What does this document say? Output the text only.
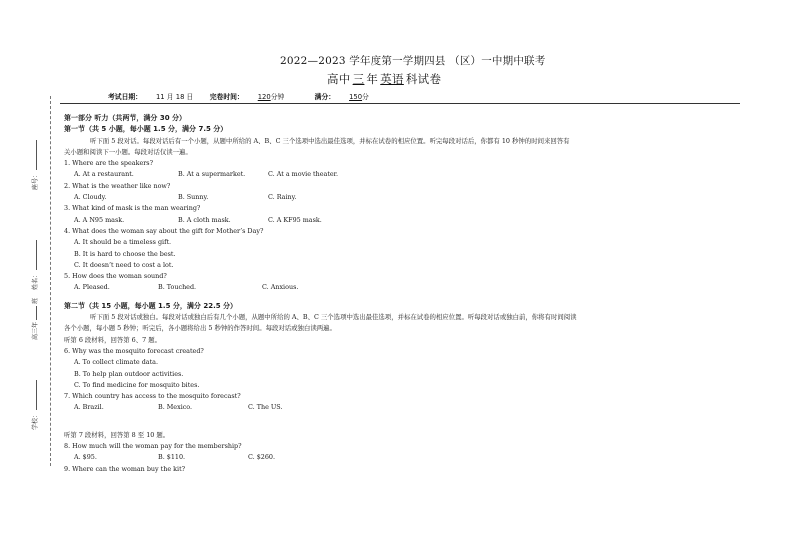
座号：
姓名：
高三年班
学校：
2022—2023 学年度第一学期四县 （区）一中期中联考
高中 三 年 英语 科试卷
考试日期： 11 月 18 日 完卷时间： 120分钟	满分： 150分
第一部分 听力（共两节，满分 30 分）
第一节（共 5 小题，每小题 1.5 分，满分 7.5 分）
听下面 5 段对话。每段对话后有一个小题，从题中所给的 A、B、C 三个选项中选出最佳选项，并标在试卷的相应位置。听完每段对话后，你都有 10 秒钟的时间来回答有
关小题和阅读下一小题。每段对话仅读一遍。
1. Where are the speakers?
A. At a restaurant.	B. At a supermarket.	C. At a movie theater.
2. What is the weather like now?
A. Cloudy.	B. Sunny.	C. Rainy.
3. What kind of mask is the man wearing?
A. A N95 mask.	B. A cloth mask.	C. A KF95 mask.
4. What does the woman say about the gift for Mother’s Day?
A. It should be a timeless gift.
B. It is hard to choose the best.
C. It doesn’t need to cost a lot.
5. How does the woman sound?
A. Pleased.	B. Touched.	C. Anxious.
第二节（共 15 小题，每小题 1.5 分，满分 22.5 分）
听下面 5 段对话或独白。每段对话或独白后有几个小题，从题中所给的 A、B、C 三个选项中选出最佳选项，并标在试卷的相应位置。听每段对话或独白前，你将有时间阅读
各个小题，每小题 5 秒钟；听完后，各小题将给出 5 秒钟的作答时间。每段对话或独白读两遍。
听第 6 段材料，回答第 6、7 题。
6. Why was the mosquito forecast created?
A. To collect climate data.
B. To help plan outdoor activities.
C. To find medicine for mosquito bites.
7. Which country has access to the mosquito forecast?
A. Brazil.	B. Mexico.	C. The US.
听第 7 段材料，回答第 8 至 10 题。
8. How much will the woman pay for the membership?
A. $95.	B. $110.	C. $260.
9. Where can the woman buy the kit?
